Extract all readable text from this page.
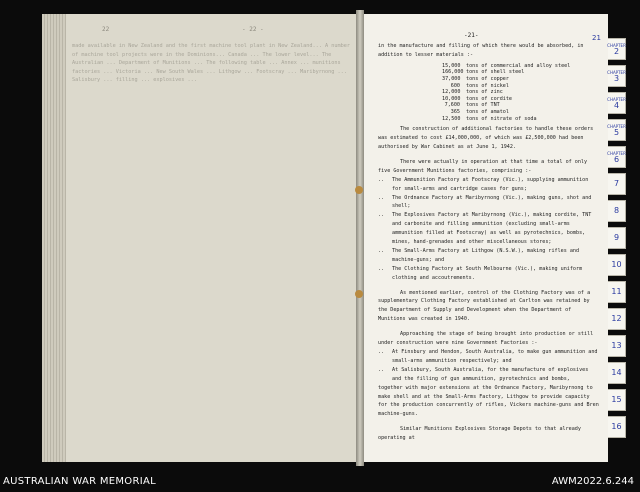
22	- 22 -
made available in New Zealand and the first machine tool plant in New Zealand... A number of machine tool projects were in the Dominions... Canada ... The lower level... The Australian ... Department of Munitions ... The following table ... Annex ... munitions factories ... Victoria ... New South Wales ... Lithgow ... Footscray ... Maribyrnong ... Salisbury ... filling ... explosives ...
-21-	21

in the manufacture and filling of which there would be absorbed, in addition to lesser materials :-

15,000 tons of commercial and alloy steel
166,000 tons of shell steel
37,000 tons of copper
600 tons of nickel
12,000 tons of zinc
10,000 tons of cordite
7,600 tons of TNT
365 tons of amatol
12,500 tons of nitrate of soda

The construction of additional factories to handle these orders was estimated to cost £14,000,000, of which was £2,500,000 had been authorised by War Cabinet as at June 1, 1942.

There were actually in operation at that time a total of only five Government Munitions factories, comprising :-

..	The Ammunition Factory at Footscray (Vic.), supplying ammunition for small-arms and cartridge cases for guns;
..	The Ordnance Factory at Maribyrnong (Vic.), making guns, shot and shell;
..	The Explosives Factory at Maribyrnong (Vic.), making cordite, TNT and carbonite and filling ammunition (excluding small-arms ammunition filled at Footscray) as well as pyrotechnics, bombs, mines, hand-grenades and other miscellaneous stores;
..	The Small-Arms Factory at Lithgow (N.S.W.), making rifles and machine-guns; and
..	The Clothing Factory at South Melbourne (Vic.), making uniform clothing and accoutrements.

As mentioned earlier, control of the Clothing Factory was of a supplementary Clothing Factory established at Carlton was retained by the Department of Supply and Development when the Department of Munitions was created in 1940.

Approaching the stage of being brought into production or still under construction were nine Government Factories :-

..	At Finsbury and Hendon, South Australia, to make gun ammunition and small-arms ammunition respectively; and
..	At Salisbury, South Australia, for the manufacture of explosives and the filling of gun ammunition, pyrotechnics and bombs,

together with major extensions at the Ordnance Factory, Maribyrnong to make shell and at the Small-Arms Factory, Lithgow to provide capacity for the production concurrently of rifles, Vickers machine-guns and Bren machine-guns.

Similar Munitions Explosives Storage Depots to that already operating at

CHAPTER
2
CHAPTER
3
CHAPTER
4
CHAPTER
5
CHAPTER
6
7
8
9
10
11
12
13
14
15
16
AUSTRALIAN WAR MEMORIAL	AWM2022.6.244
